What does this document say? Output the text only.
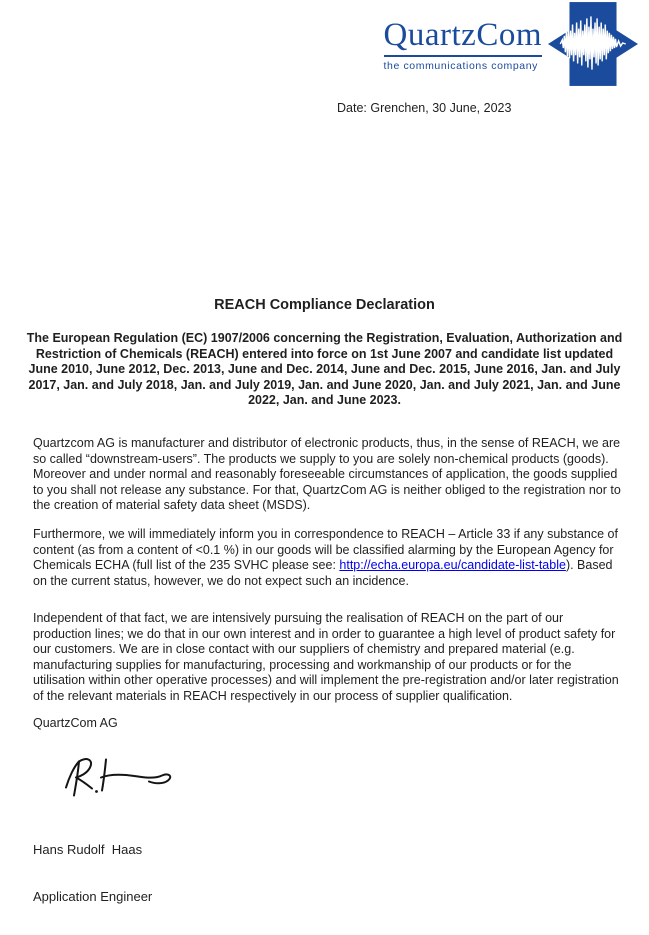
QuartzCom
the communications company
Date: Grenchen, 30 June, 2023
REACH Compliance Declaration
The European Regulation (EC) 1907/2006 concerning the Registration, Evaluation, Authorization and Restriction of Chemicals (REACH) entered into force on 1st June 2007 and candidate list updated June 2010, June 2012, Dec. 2013, June and Dec. 2014, June and Dec. 2015, June 2016, Jan. and July 2017, Jan. and July 2018, Jan. and July 2019, Jan. and June 2020, Jan. and July 2021, Jan. and June 2022, Jan. and June 2023.
Quartzcom AG is manufacturer and distributor of electronic products, thus, in the sense of REACH, we are so called “downstream-users”. The products we supply to you are solely non-chemical products (goods). Moreover and under normal and reasonably foreseeable circumstances of application, the goods supplied to you shall not release any substance. For that, QuartzCom AG is neither obliged to the registration nor to the creation of material safety data sheet (MSDS).
Furthermore, we will immediately inform you in correspondence to REACH – Article 33 if any substance of content (as from a content of <0.1 %) in our goods will be classified alarming by the European Agency for Chemicals ECHA (full list of the 235 SVHC please see: http://echa.europa.eu/candidate-list-table). Based on the current status, however, we do not expect such an incidence.
Independent of that fact, we are intensively pursuing the realisation of REACH on the part of our production lines; we do that in our own interest and in order to guarantee a high level of product safety for our customers. We are in close contact with our suppliers of chemistry and prepared material (e.g. manufacturing supplies for manufacturing, processing and workmanship of our products or for the utilisation within other operative processes) and will implement the pre-registration and/or later registration of the relevant materials in REACH respectively in our process of supplier qualification.
QuartzCom AG

Hans Rudolf  Haas

Application Engineer
